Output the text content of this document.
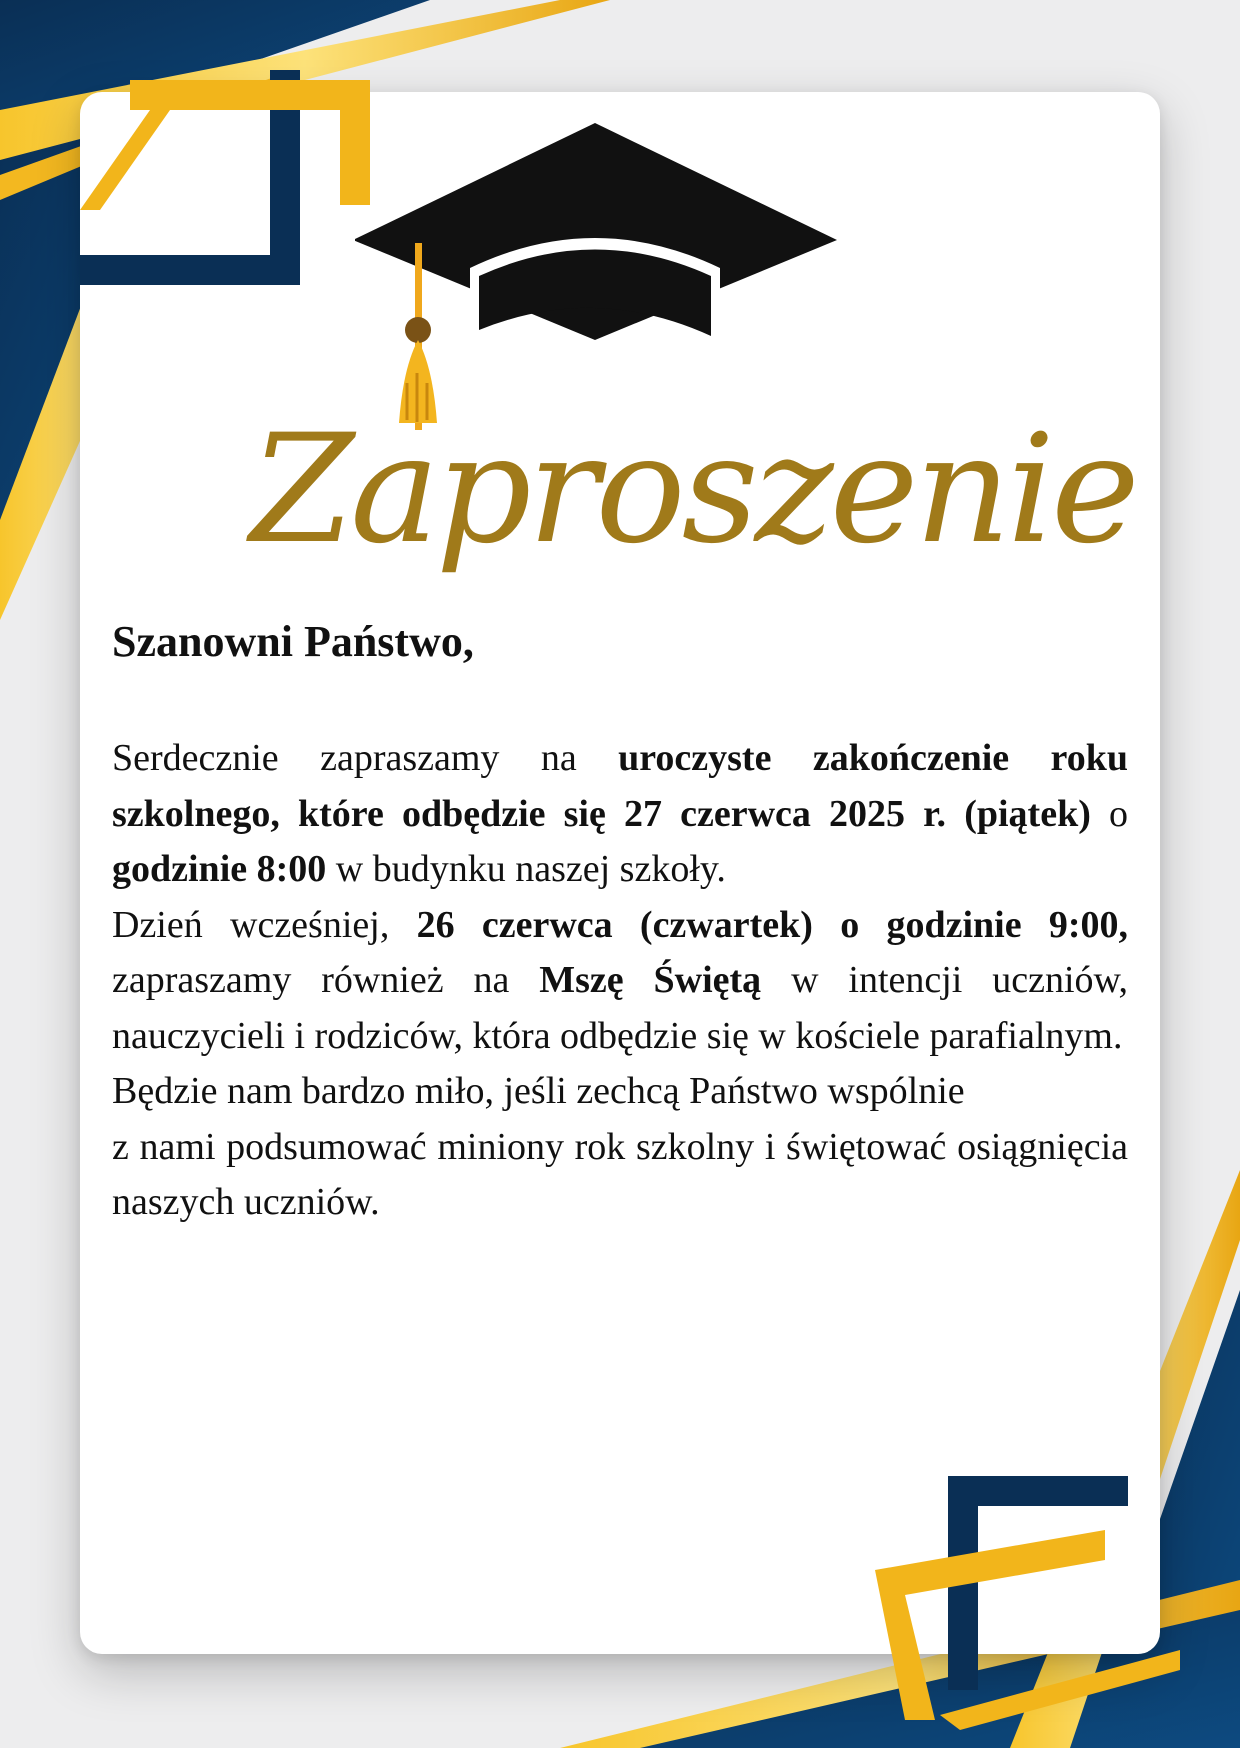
Zaproszenie
Szanowni Państwo,

Serdecznie zapraszamy na uroczyste zakończenie roku szkolnego, które odbędzie się 27 czerwca 2025 r. (piątek) o godzinie 8:00 w budynku naszej szkoły.

Dzień wcześniej, 26 czerwca (czwartek) o godzinie 9:00, zapraszamy również na Mszę Świętą w intencji uczniów, nauczycieli i rodziców, która odbędzie się w kościele parafialnym.

Będzie nam bardzo miło, jeśli zechcą Państwo wspólnie
z nami podsumować miniony rok szkolny i świętować osiągnięcia naszych uczniów.
